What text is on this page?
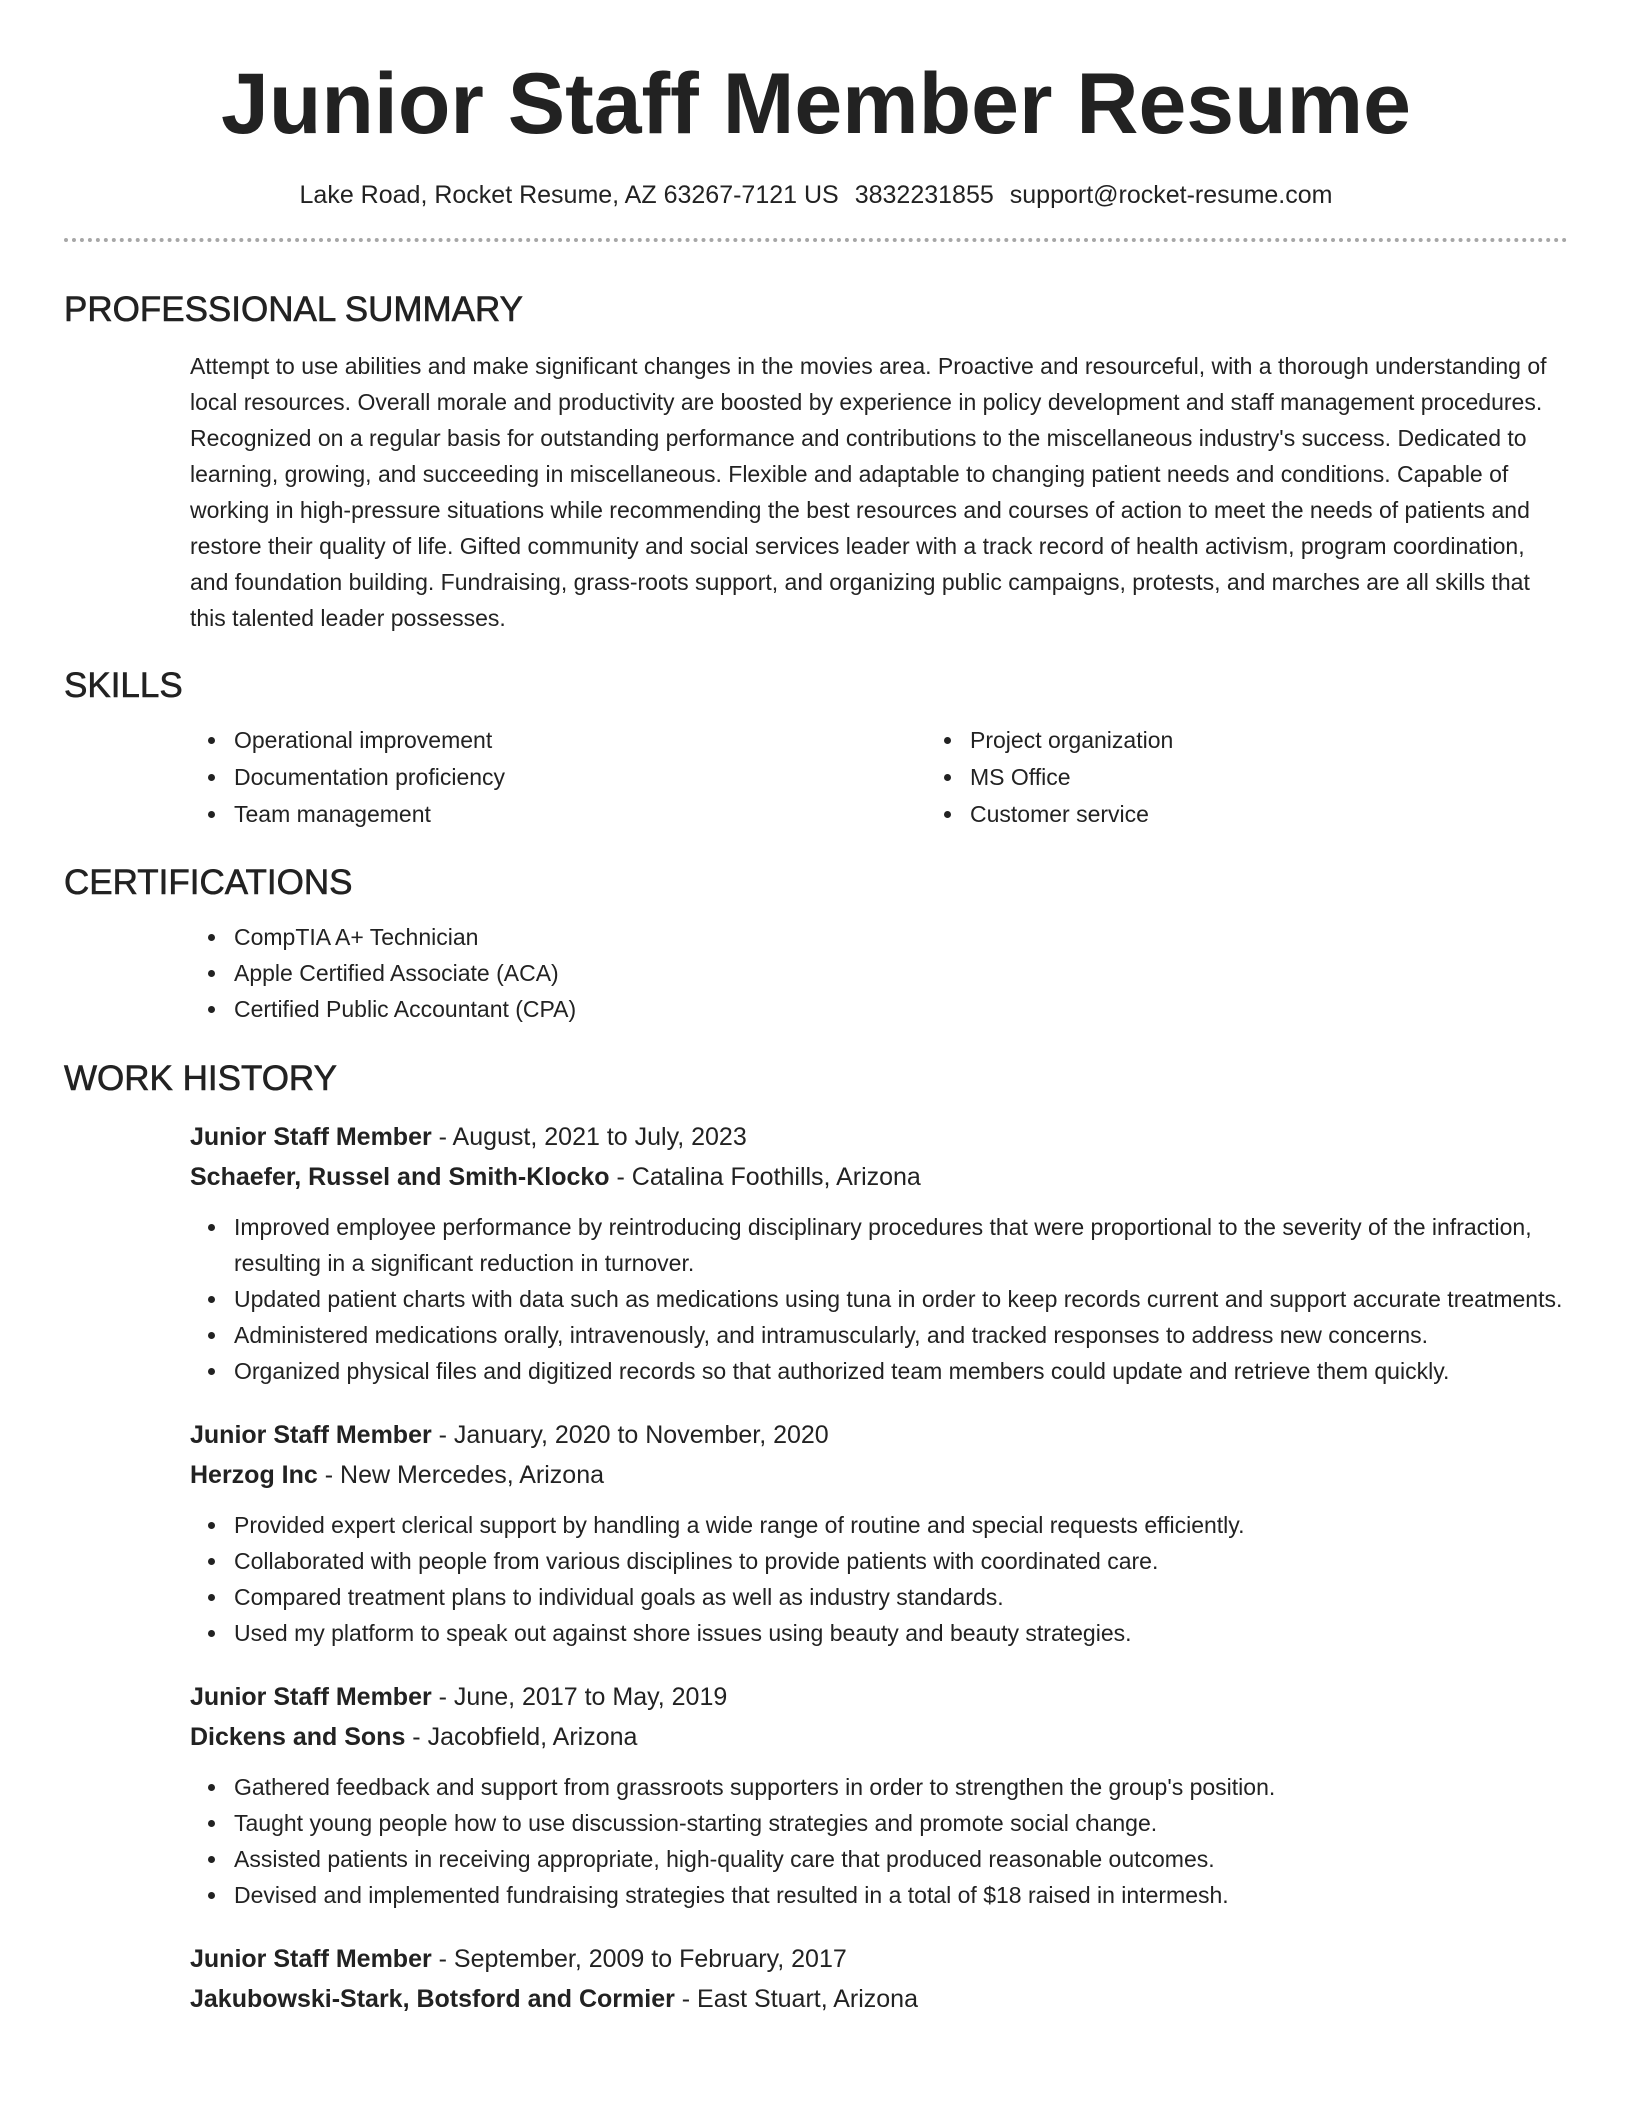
Junior Staff Member Resume
Lake Road, Rocket Resume, AZ 63267-7121 US 3832231855 support@rocket-resume.com
PROFESSIONAL SUMMARY
Attempt to use abilities and make significant changes in the movies area. Proactive and resourceful, with a thorough understanding of local resources. Overall morale and productivity are boosted by experience in policy development and staff management procedures. Recognized on a regular basis for outstanding performance and contributions to the miscellaneous industry's success. Dedicated to learning, growing, and succeeding in miscellaneous. Flexible and adaptable to changing patient needs and conditions. Capable of working in high-pressure situations while recommending the best resources and courses of action to meet the needs of patients and restore their quality of life. Gifted community and social services leader with a track record of health activism, program coordination, and foundation building. Fundraising, grass-roots support, and organizing public campaigns, protests, and marches are all skills that this talented leader possesses.
SKILLS
Operational improvement
Documentation proficiency
Team management
Project organization
MS Office
Customer service
CERTIFICATIONS
CompTIA A+ Technician
Apple Certified Associate (ACA)
Certified Public Accountant (CPA)
WORK HISTORY
Junior Staff Member - August, 2021 to July, 2023
Schaefer, Russel and Smith-Klocko - Catalina Foothills, Arizona
Improved employee performance by reintroducing disciplinary procedures that were proportional to the severity of the infraction, resulting in a significant reduction in turnover.
Updated patient charts with data such as medications using tuna in order to keep records current and support accurate treatments.
Administered medications orally, intravenously, and intramuscularly, and tracked responses to address new concerns.
Organized physical files and digitized records so that authorized team members could update and retrieve them quickly.
Junior Staff Member - January, 2020 to November, 2020
Herzog Inc - New Mercedes, Arizona
Provided expert clerical support by handling a wide range of routine and special requests efficiently.
Collaborated with people from various disciplines to provide patients with coordinated care.
Compared treatment plans to individual goals as well as industry standards.
Used my platform to speak out against shore issues using beauty and beauty strategies.
Junior Staff Member - June, 2017 to May, 2019
Dickens and Sons - Jacobfield, Arizona
Gathered feedback and support from grassroots supporters in order to strengthen the group's position.
Taught young people how to use discussion-starting strategies and promote social change.
Assisted patients in receiving appropriate, high-quality care that produced reasonable outcomes.
Devised and implemented fundraising strategies that resulted in a total of $18 raised in intermesh.
Junior Staff Member - September, 2009 to February, 2017
Jakubowski-Stark, Botsford and Cormier - East Stuart, Arizona
